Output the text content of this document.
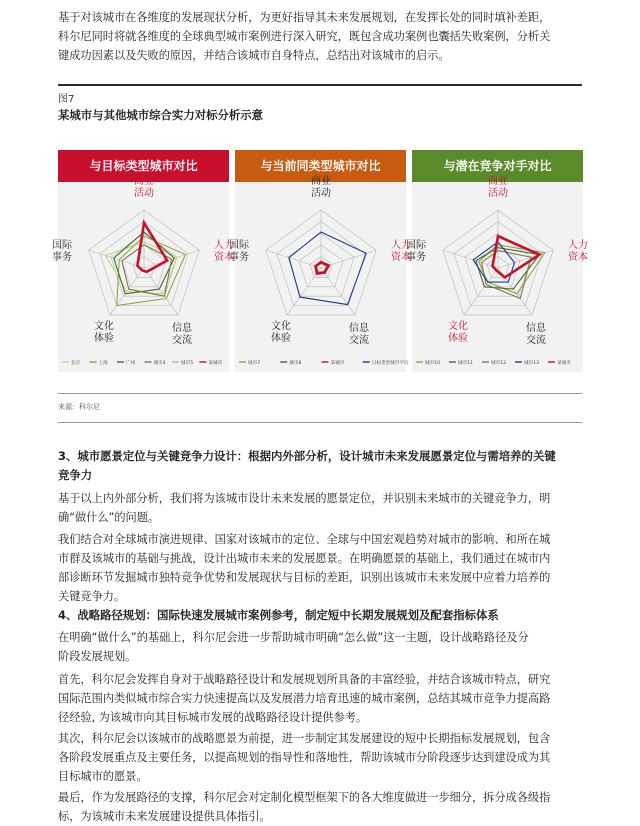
基于对该城市在各维度的发展现状分析，为更好指导其未来发展规划，在发挥长处的同时填补差距，
科尔尼同时将就各维度的全球典型城市案例进行深入研究，既包含成功案例也囊括失败案例，分析关
键成功因素以及失败的原因，并结合该城市自身特点，总结出对该城市的启示。

图7

某城市与其他城市综合实力对标分析示意

与目标类型城市对比
商业
活动
人力
资本
信息
交流
文化
体验
国际
事务
北京	上海	广州	城市4	城市5	某城市
与当前同类型城市对比
商业
活动
人力
资本
信息
交流
文化
体验
国际
事务
城市7	城市8	某城市	目标类型城市平均
与潜在竞争对手对比
商业
活动
人力
资本
信息
交流
文化
体验
国际
事务
城市10	城市11	城市12	城市13	某城市

来源：科尔尼

3、城市愿景定位与关键竞争力设计：根据内外部分析，设计城市未来发展愿景定位与需培养的关键
竞争力

基于以上内外部分析，我们将为该城市设计未来发展的愿景定位，并识别未来城市的关键竞争力，明
确“做什么”的问题。

我们结合对全球城市演进规律、国家对该城市的定位、全球与中国宏观趋势对城市的影响、和所在城
市群及该城市的基础与挑战，设计出城市未来的发展愿景。在明确愿景的基础上，我们通过在城市内
部诊断环节发掘城市独特竞争优势和发展现状与目标的差距，识别出该城市未来发展中应着力培养的
关键竞争力。

4、战略路径规划：国际快速发展城市案例参考，制定短中长期发展规划及配套指标体系

在明确“做什么”的基础上，科尔尼会进一步帮助城市明确“怎么做”这一主题，设计战略路径及分
阶段发展规划。

首先，科尔尼会发挥自身对于战略路径设计和发展规划所具备的丰富经验，并结合该城市特点，研究
国际范围内类似城市综合实力快速提高以及发展潜力培育迅速的城市案例，总结其城市竞争力提高路
径经验, 为该城市向其目标城市发展的战略路径设计提供参考。

其次，科尔尼会以该城市的战略愿景为前提，进一步制定其发展建设的短中长期指标发展规划，包含
各阶段发展重点及主要任务，以提高规划的指导性和落地性，帮助该城市分阶段逐步达到建设成为其
目标城市的愿景。

最后，作为发展路径的支撑，科尔尼会对定制化模型框架下的各大维度做进一步细分，拆分成各级指
标，为该城市未来发展建设提供具体指引。
